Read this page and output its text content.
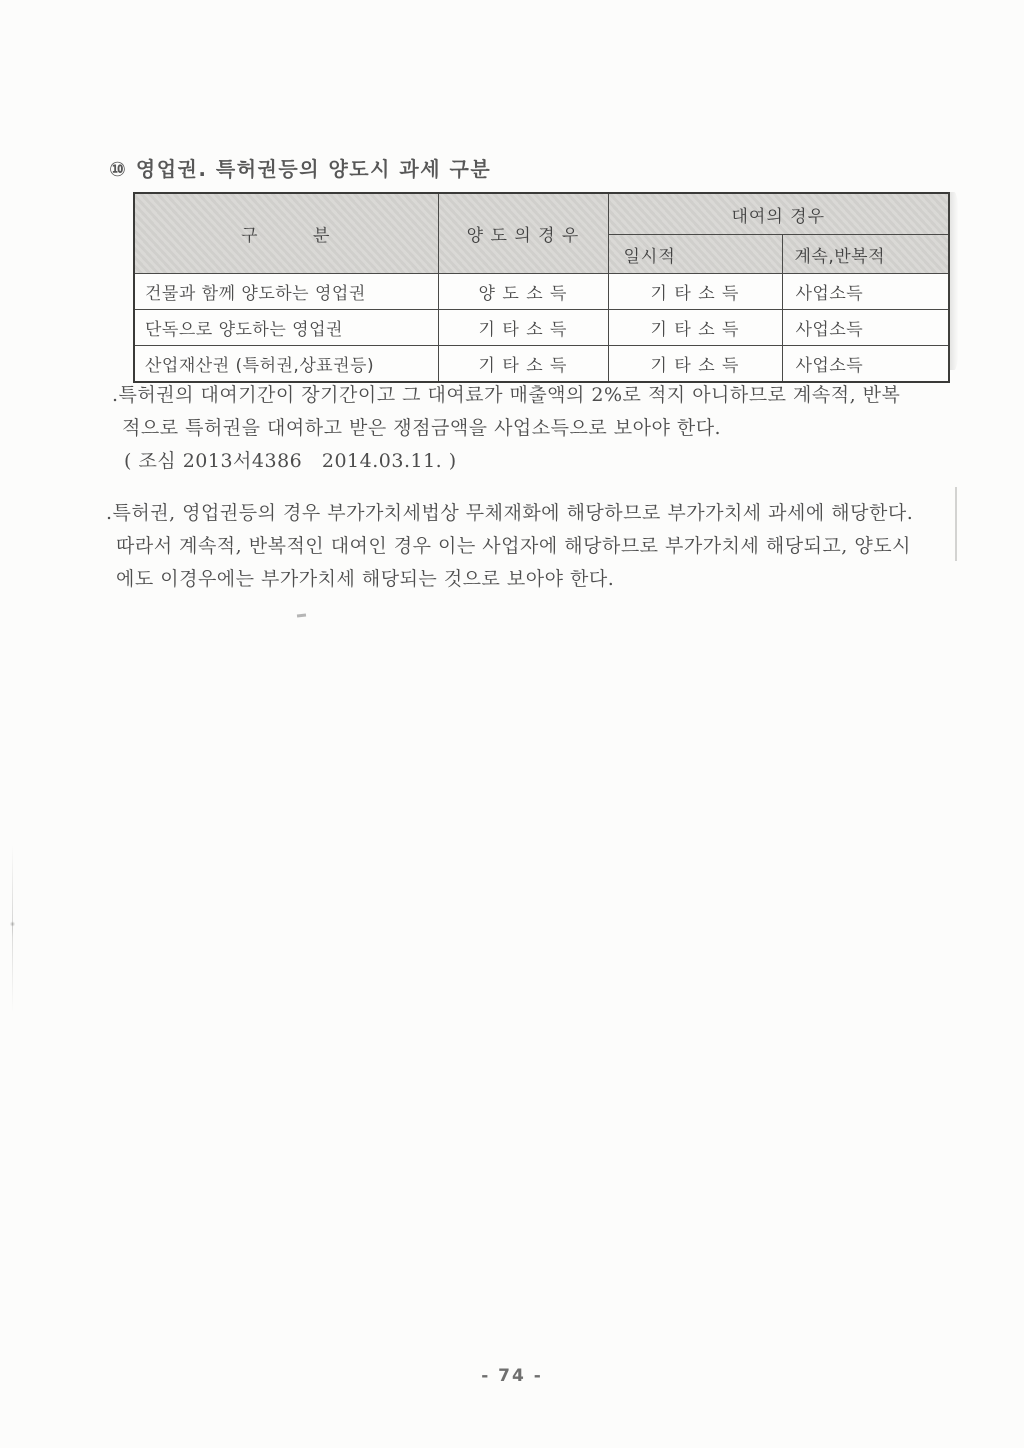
⑩ 영업권. 특허권등의 양도시 과세 구분
구 분	양 도 의 경 우	대여의 경우	
		일시적	계속,반복적
건물과 함께 양도하는 영업권	양 도 소 득	기 타 소 득	사업소득
단독으로 양도하는 영업권	기 타 소 득	기 타 소 득	사업소득
산업재산권 (특허권,상표권등)	기 타 소 득	기 타 소 득	사업소득
.특허권의 대여기간이 장기간이고 그 대여료가 매출액의 2%로 적지 아니하므로 계속적, 반복
적으로 특허권을 대여하고 받은 쟁점금액을 사업소득으로 보아야 한다.
( 조심 2013서4386   2014.03.11. )
.특허권, 영업권등의 경우 부가가치세법상 무체재화에 해당하므로 부가가치세 과세에 해당한다.
따라서 계속적, 반복적인 대여인 경우 이는 사업자에 해당하므로 부가가치세 해당되고, 양도시
에도 이경우에는 부가가치세 해당되는 것으로 보아야 한다.
- 74 -
